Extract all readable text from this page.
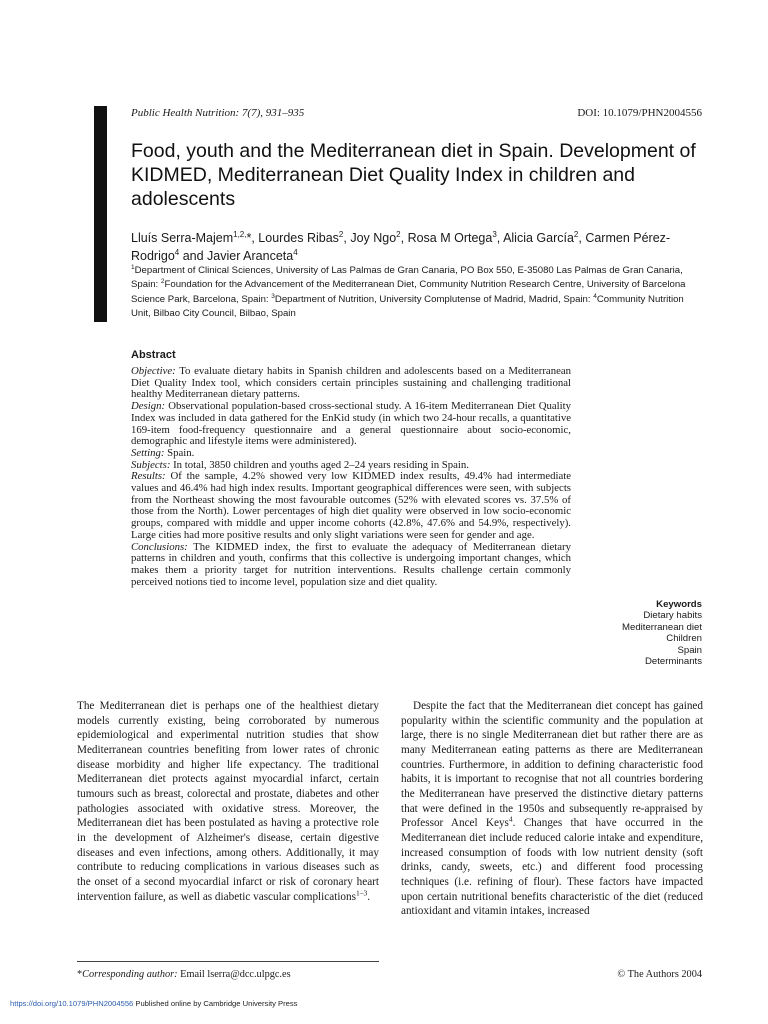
Public Health Nutrition: 7(7), 931–935	DOI: 10.1079/PHN2004556
Food, youth and the Mediterranean diet in Spain. Development of KIDMED, Mediterranean Diet Quality Index in children and adolescents
Lluís Serra-Majem$^{1,2,}$*, Lourdes Ribas$^2$, Joy Ngo$^2$, Rosa M Ortega$^3$, Alicia García$^2$, Carmen Pérez-Rodrigo$^4$ and Javier Aranceta$^4$
$^1$Department of Clinical Sciences, University of Las Palmas de Gran Canaria, PO Box 550, E-35080 Las Palmas de Gran Canaria, Spain: $^2$Foundation for the Advancement of the Mediterranean Diet, Community Nutrition Research Centre, University of Barcelona Science Park, Barcelona, Spain: $^3$Department of Nutrition, University Complutense of Madrid, Madrid, Spain: $^4$Community Nutrition Unit, Bilbao City Council, Bilbao, Spain
Abstract

Objective: To evaluate dietary habits in Spanish children and adolescents based on a Mediterranean Diet Quality Index tool, which considers certain principles sustaining and challenging traditional healthy Mediterranean dietary patterns.

Design: Observational population-based cross-sectional study. A 16-item Mediterranean Diet Quality Index was included in data gathered for the EnKid study (in which two 24-hour recalls, a quantitative 169-item food-frequency questionnaire and a general questionnaire about socio-economic, demographic and lifestyle items were administered).

Setting: Spain.

Subjects: In total, 3850 children and youths aged 2–24 years residing in Spain.

Results: Of the sample, 4.2% showed very low KIDMED index results, 49.4% had intermediate values and 46.4% had high index results. Important geographical differences were seen, with subjects from the Northeast showing the most favourable outcomes (52% with elevated scores vs. 37.5% of those from the North). Lower percentages of high diet quality were observed in low socio-economic groups, compared with middle and upper income cohorts (42.8%, 47.6% and 54.9%, respectively). Large cities had more positive results and only slight variations were seen for gender and age.

Conclusions: The KIDMED index, the first to evaluate the adequacy of Mediterranean dietary patterns in children and youth, confirms that this collective is undergoing important changes, which makes them a priority target for nutrition interventions. Results challenge certain commonly perceived notions tied to income level, population size and diet quality.

Keywords
Dietary habits
Mediterranean diet
Children
Spain
Determinants

The Mediterranean diet is perhaps one of the healthiest dietary models currently existing, being corroborated by numerous epidemiological and experimental nutrition studies that show Mediterranean countries benefiting from lower rates of chronic disease morbidity and higher life expectancy. The traditional Mediterranean diet protects against myocardial infarct, certain tumours such as breast, colorectal and prostate, diabetes and other pathologies associated with oxidative stress. Moreover, the Mediterranean diet has been postulated as having a protective role in the development of Alzheimer's disease, certain digestive diseases and even infections, among others. Additionally, it may contribute to reducing complications in various diseases such as the onset of a second myocardial infarct or risk of coronary heart intervention failure, as well as diabetic vascular complications$^{1-3}$.

Despite the fact that the Mediterranean diet concept has gained popularity within the scientific community and the population at large, there is no single Mediterranean diet but rather there are as many Mediterranean eating patterns as there are Mediterranean countries. Furthermore, in addition to defining characteristic food habits, it is important to recognise that not all countries bordering the Mediterranean have preserved the distinctive dietary patterns that were defined in the 1950s and subsequently re-appraised by Professor Ancel Keys$^4$. Changes that have occurred in the Mediterranean diet include reduced calorie intake and expenditure, increased consumption of foods with low nutrient density (soft drinks, candy, sweets, etc.) and different food processing techniques (i.e. refining of flour). These factors have impacted upon certain nutritional benefits characteristic of the diet (reduced antioxidant and vitamin intakes, increased

*Corresponding author: Email lserra@dcc.ulpgc.es	© The Authors 2004
https://doi.org/10.1079/PHN2004556 Published online by Cambridge University Press
